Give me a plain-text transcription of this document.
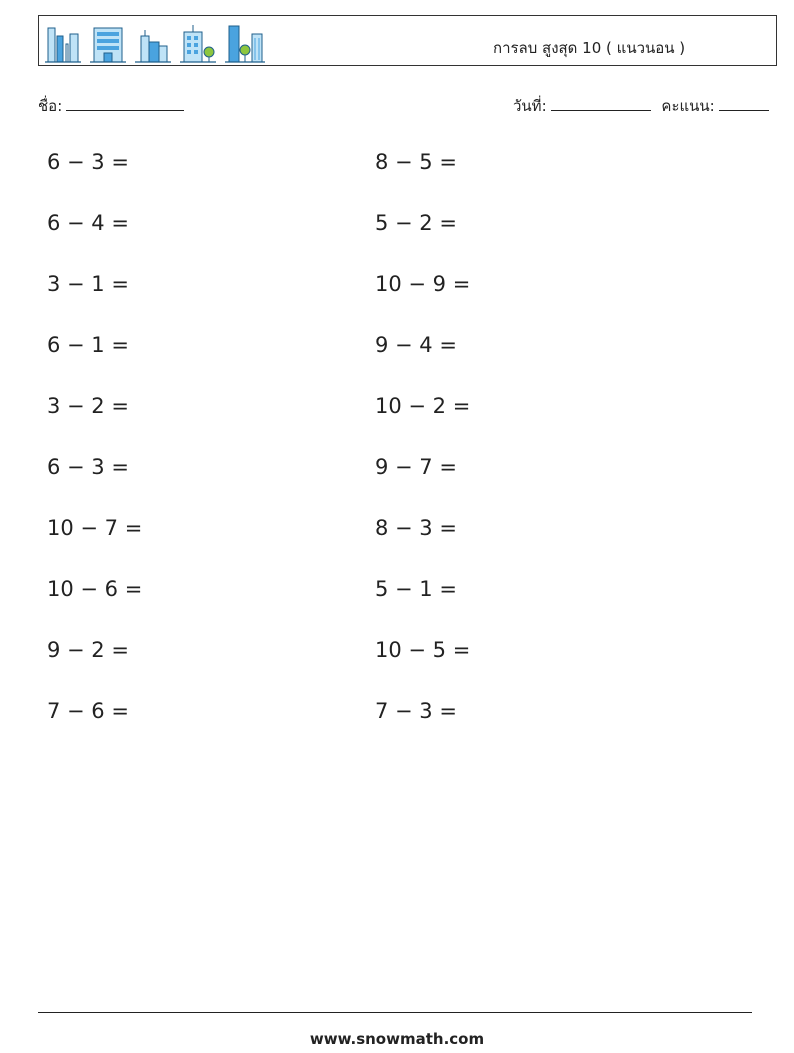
การลบ สูงสุด 10 ( แนวนอน )
ชื่อ:	วันที่:	คะแนน:
6 − 3 =
6 − 4 =
3 − 1 =
6 − 1 =
3 − 2 =
6 − 3 =
10 − 7 =
10 − 6 =
9 − 2 =
7 − 6 =
8 − 5 =
5 − 2 =
10 − 9 =
9 − 4 =
10 − 2 =
9 − 7 =
8 − 3 =
5 − 1 =
10 − 5 =
7 − 3 =
www.snowmath.com
